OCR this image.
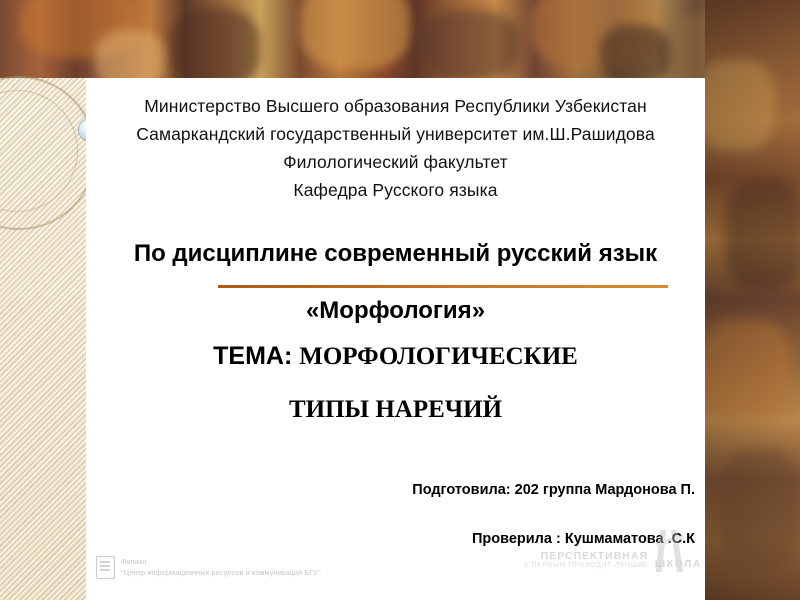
Министерство Высшего образования Республики Узбекистан
Самаркандский государственный университет им.Ш.Рашидова
Филологический факультет
Кафедра Русского языка
По дисциплине современный русский язык
«Морфология»
ТЕМА: МОРФОЛОГИЧЕСКИЕ
ТИПЫ НАРЕЧИЙ
Подготовила: 202 группа Мардонова П.
Проверила : Кушмаматова .С.К
Филиал
"Центр информационных ресурсов и коммуникаций БГУ"
ПЕРСПЕКТИВНАЯ
К ПЕРВЫМ ПРИХОДЯТ ЛУЧШИЕ ШКОЛА
